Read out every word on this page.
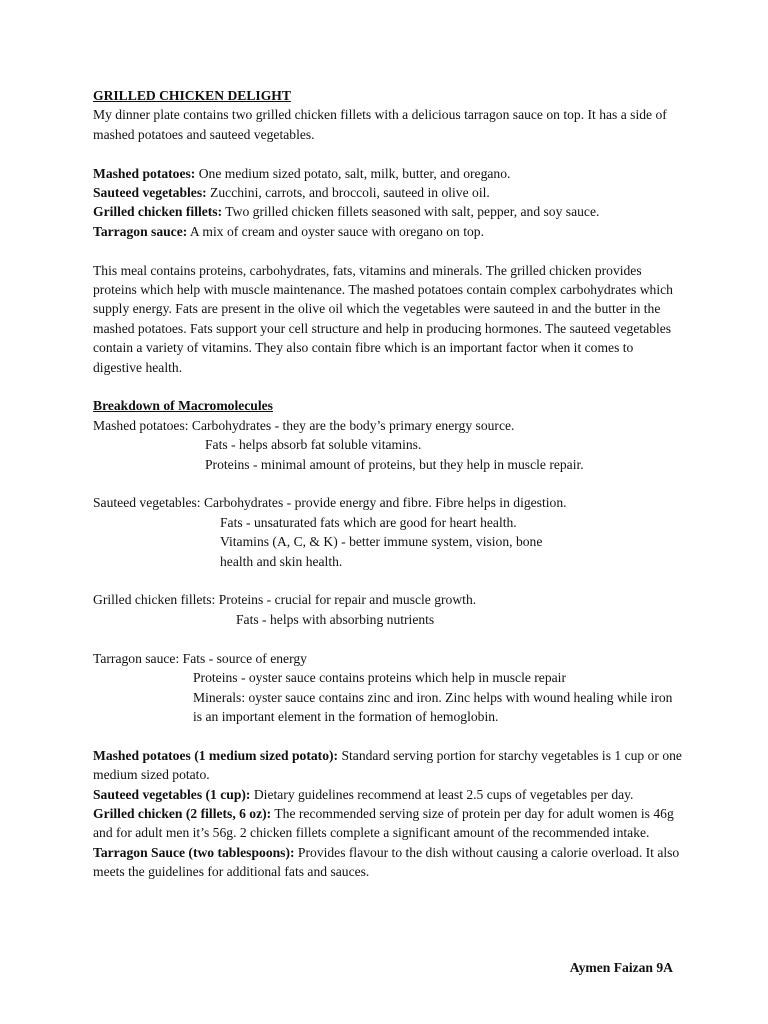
GRILLED CHICKEN DELIGHT

My dinner plate contains two grilled chicken fillets with a delicious tarragon sauce on top. It has a side of mashed potatoes and sauteed vegetables.

Mashed potatoes: One medium sized potato, salt, milk, butter, and oregano.

Sauteed vegetables: Zucchini, carrots, and broccoli, sauteed in olive oil.

Grilled chicken fillets: Two grilled chicken fillets seasoned with salt, pepper, and soy sauce.

Tarragon sauce: A mix of cream and oyster sauce with oregano on top.

This meal contains proteins, carbohydrates, fats, vitamins and minerals. The grilled chicken provides proteins which help with muscle maintenance. The mashed potatoes contain complex carbohydrates which supply energy. Fats are present in the olive oil which the vegetables were sauteed in and the butter in the mashed potatoes. Fats support your cell structure and help in producing hormones. The sauteed vegetables contain a variety of vitamins. They also contain fibre which is an important factor when it comes to digestive health.

Breakdown of Macromolecules

Mashed potatoes: Carbohydrates - they are the body’s primary energy source.

Fats - helps absorb fat soluble vitamins.

Proteins - minimal amount of proteins, but they help in muscle repair.

Sauteed vegetables: Carbohydrates - provide energy and fibre. Fibre helps in digestion.

Fats - unsaturated fats which are good for heart health.

Vitamins (A, C, & K) - better immune system, vision, bone health and skin health.

Grilled chicken fillets: Proteins - crucial for repair and muscle growth.

Fats - helps with absorbing nutrients

Tarragon sauce: Fats - source of energy

Proteins - oyster sauce contains proteins which help in muscle repair

Minerals: oyster sauce contains zinc and iron. Zinc helps with wound healing while iron is an important element in the formation of hemoglobin.

Mashed potatoes (1 medium sized potato): Standard serving portion for starchy vegetables is 1 cup or one medium sized potato.

Sauteed vegetables (1 cup): Dietary guidelines recommend at least 2.5 cups of vegetables per day.

Grilled chicken (2 fillets, 6 oz): The recommended serving size of protein per day for adult women is 46g and for adult men it’s 56g. 2 chicken fillets complete a significant amount of the recommended intake.

Tarragon Sauce (two tablespoons): Provides flavour to the dish without causing a calorie overload. It also meets the guidelines for additional fats and sauces.

Aymen Faizan 9A
